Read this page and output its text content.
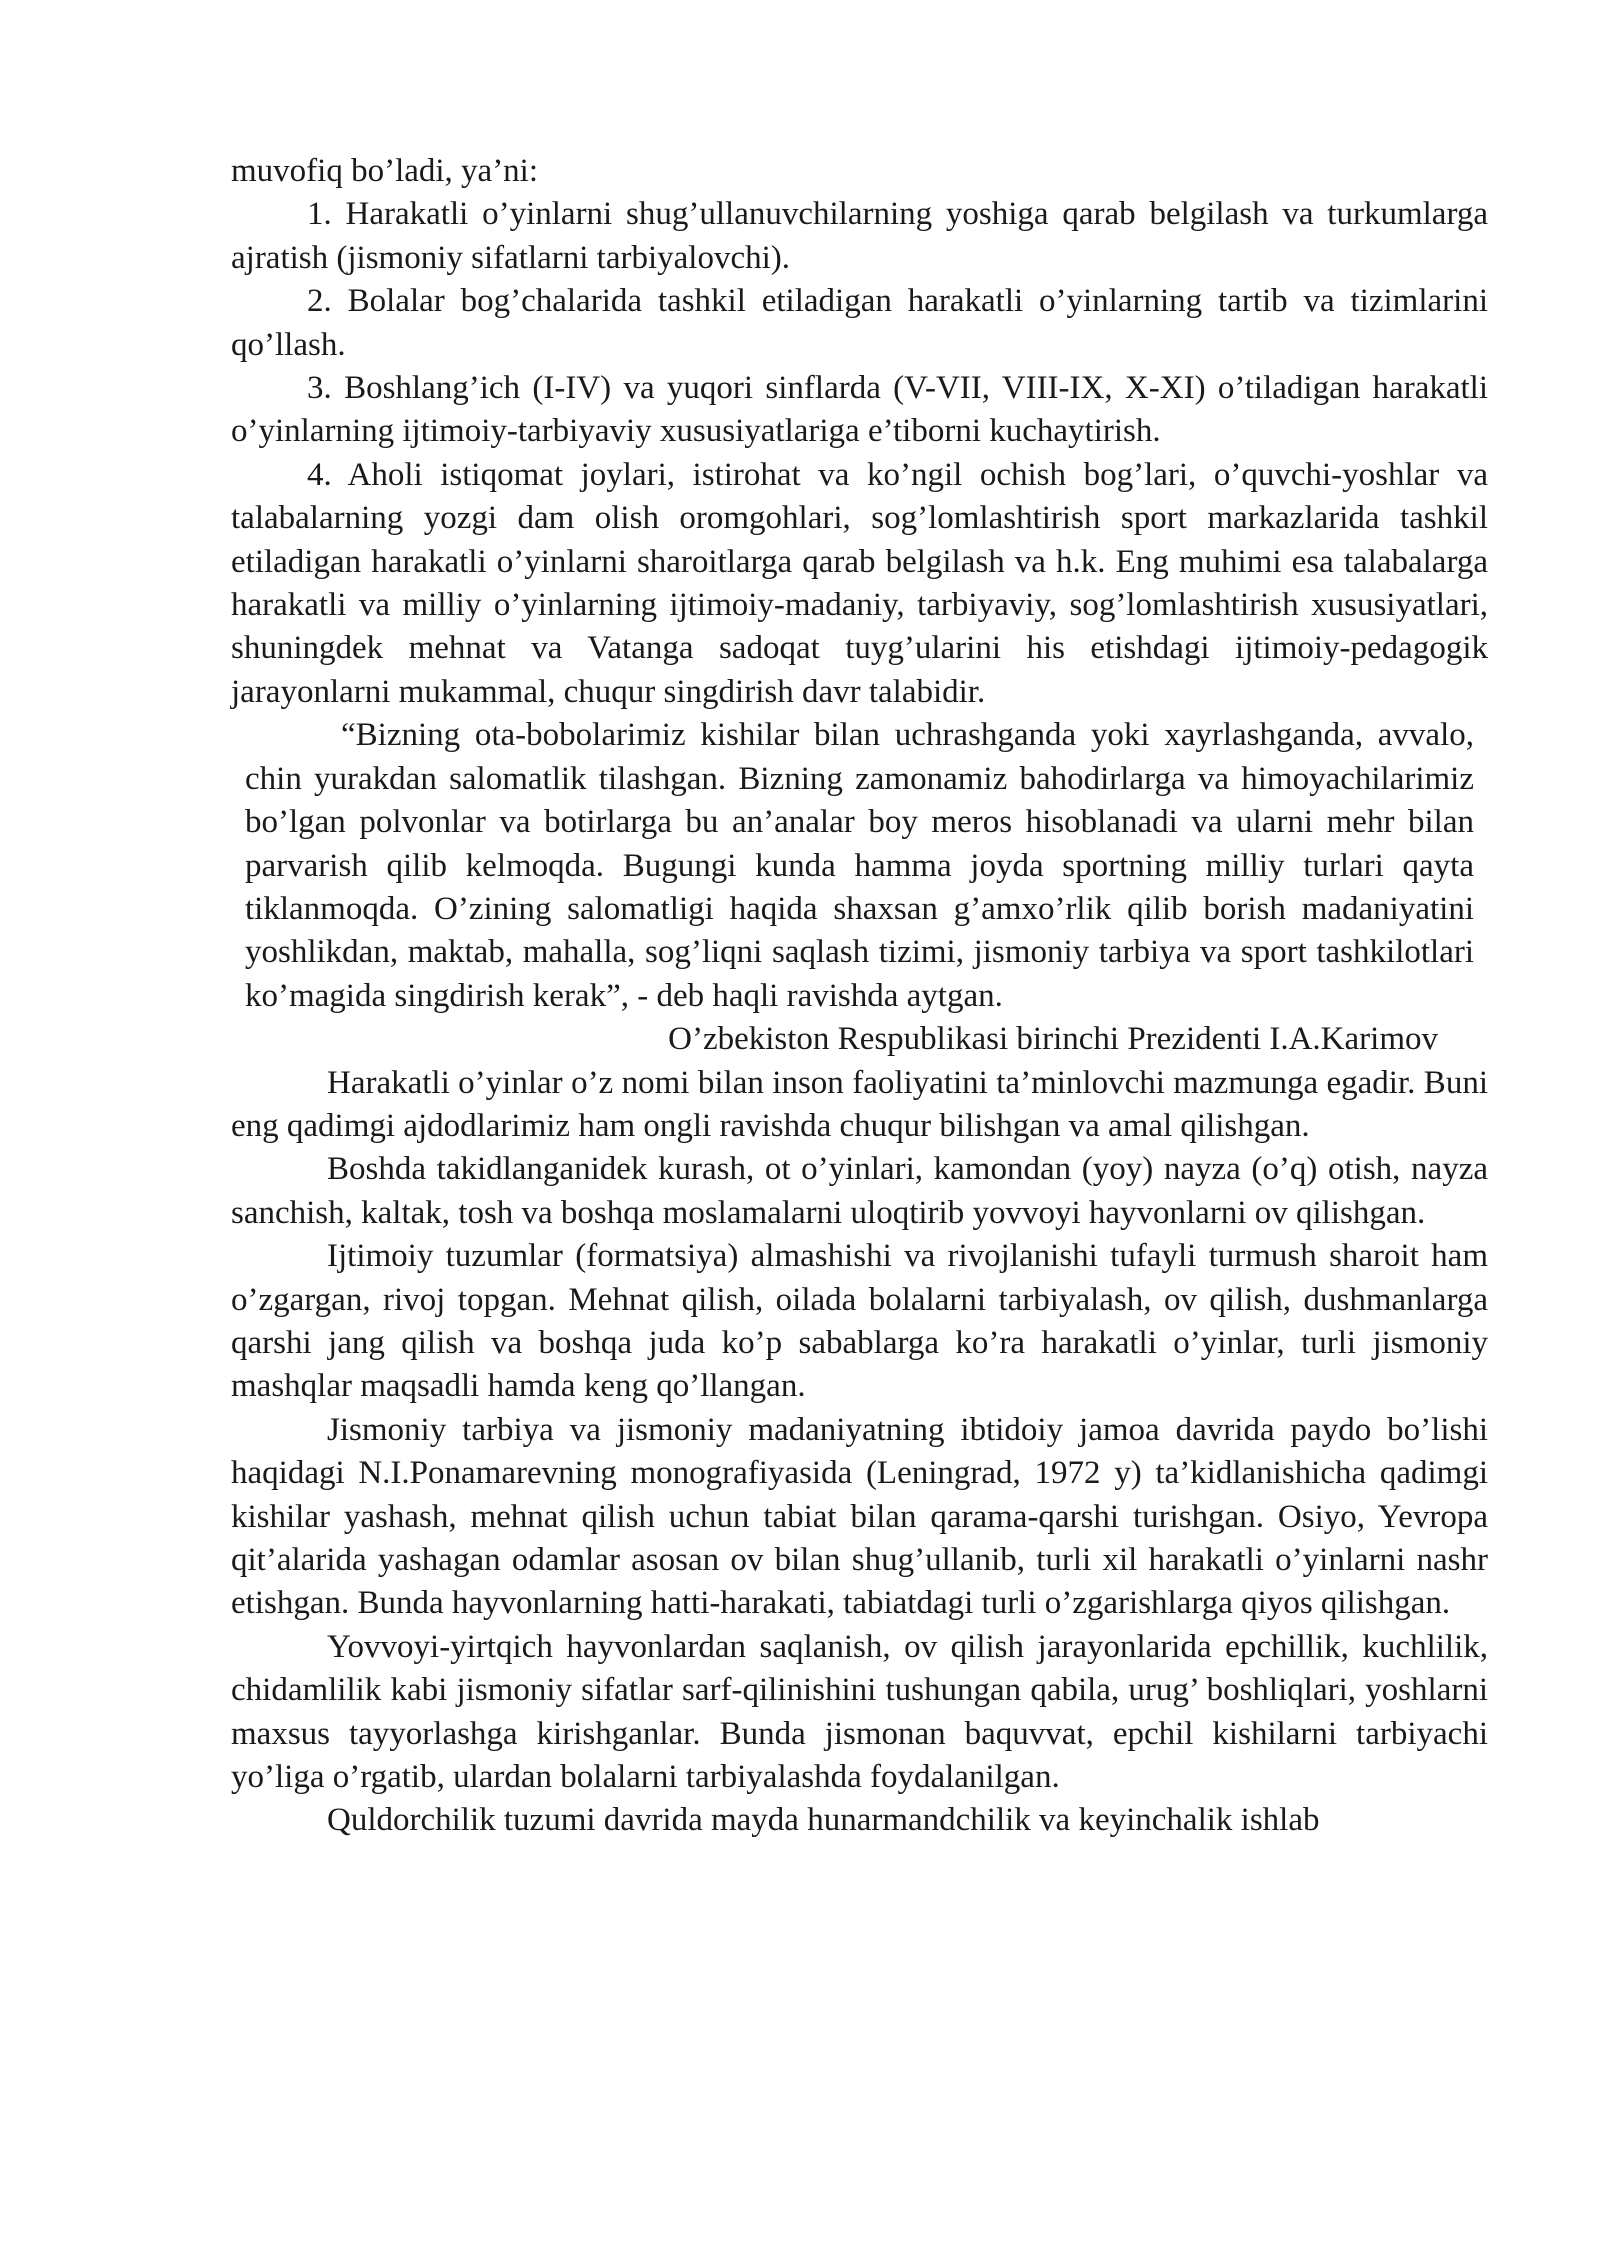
muvofiq bo’ladi, ya’ni:

1. Harakatli o’yinlarni shug’ullanuvchilarning yoshiga qarab belgilash va turkumlarga ajratish (jismoniy sifatlarni tarbiyalovchi).

2. Bolalar bog’chalarida tashkil etiladigan harakatli o’yinlarning tartib va tizimlarini qo’llash.

3. Boshlang’ich (I-IV) va yuqori sinflarda (V-VII, VIII-IX, X-XI) o’tiladigan harakatli o’yinlarning ijtimoiy-tarbiyaviy xususiyatlariga e’tiborni kuchaytirish.

4. Aholi istiqomat joylari, istirohat va ko’ngil ochish bog’lari, o’quvchi-yoshlar va talabalarning yozgi dam olish oromgohlari, sog’lomlashtirish sport markazlarida tashkil etiladigan harakatli o’yinlarni sharoitlarga qarab belgilash va h.k. Eng muhimi esa talabalarga harakatli va milliy o’yinlarning ijtimoiy-madaniy, tarbiyaviy, sog’lomlashtirish xususiyatlari, shuningdek mehnat va Vatanga sadoqat tuyg’ularini his etishdagi ijtimoiy-pedagogik jarayonlarni mukammal, chuqur singdirish davr talabidir.

“Bizning ota-bobolarimiz kishilar bilan uchrashganda yoki xayrlashganda, avvalo, chin yurakdan salomatlik tilashgan. Bizning zamonamiz bahodirlarga va himoyachilarimiz bo’lgan polvonlar va botirlarga bu an’analar boy meros hisoblanadi va ularni mehr bilan parvarish qilib kelmoqda. Bugungi kunda hamma joyda sportning milliy turlari qayta tiklanmoqda. O’zining salomatligi haqida shaxsan g’amxo’rlik qilib borish madaniyatini yoshlikdan, maktab, mahalla, sog’liqni saqlash tizimi, jismoniy tarbiya va sport tashkilotlari ko’magida singdirish kerak”, - deb haqli ravishda aytgan.

O’zbekiston Respublikasi birinchi Prezidenti I.A.Karimov

Harakatli o’yinlar o’z nomi bilan inson faoliyatini ta’minlovchi mazmunga egadir. Buni eng qadimgi ajdodlarimiz ham ongli ravishda chuqur bilishgan va amal qilishgan.

Boshda takidlanganidek kurash, ot o’yinlari, kamondan (yoy) nayza (o’q) otish, nayza sanchish, kaltak, tosh va boshqa moslamalarni uloqtirib yovvoyi hayvonlarni ov qilishgan.

Ijtimoiy tuzumlar (formatsiya) almashishi va rivojlanishi tufayli turmush sharoit ham o’zgargan, rivoj topgan. Mehnat qilish, oilada bolalarni tarbiyalash, ov qilish, dushmanlarga qarshi jang qilish va boshqa juda ko’p sabablarga ko’ra harakatli o’yinlar, turli jismoniy mashqlar maqsadli hamda keng qo’llangan.

Jismoniy tarbiya va jismoniy madaniyatning ibtidoiy jamoa davrida paydo bo’lishi haqidagi N.I.Ponamarevning monografiyasida (Leningrad, 1972 y) ta’kidlanishicha qadimgi kishilar yashash, mehnat qilish uchun tabiat bilan qarama-qarshi turishgan. Osiyo, Yevropa qit’alarida yashagan odamlar asosan ov bilan shug’ullanib, turli xil harakatli o’yinlarni nashr etishgan. Bunda hayvonlarning hatti-harakati, tabiatdagi turli o’zgarishlarga qiyos qilishgan.

Yovvoyi-yirtqich hayvonlardan saqlanish, ov qilish jarayonlarida epchillik, kuchlilik, chidamlilik kabi jismoniy sifatlar sarf-qilinishini tushungan qabila, urug’ boshliqlari, yoshlarni maxsus tayyorlashga kirishganlar. Bunda jismonan baquvvat, epchil kishilarni tarbiyachi yo’liga o’rgatib, ulardan bolalarni tarbiyalashda foydalanilgan.

Quldorchilik tuzumi davrida mayda hunarmandchilik va keyinchalik ishlab
